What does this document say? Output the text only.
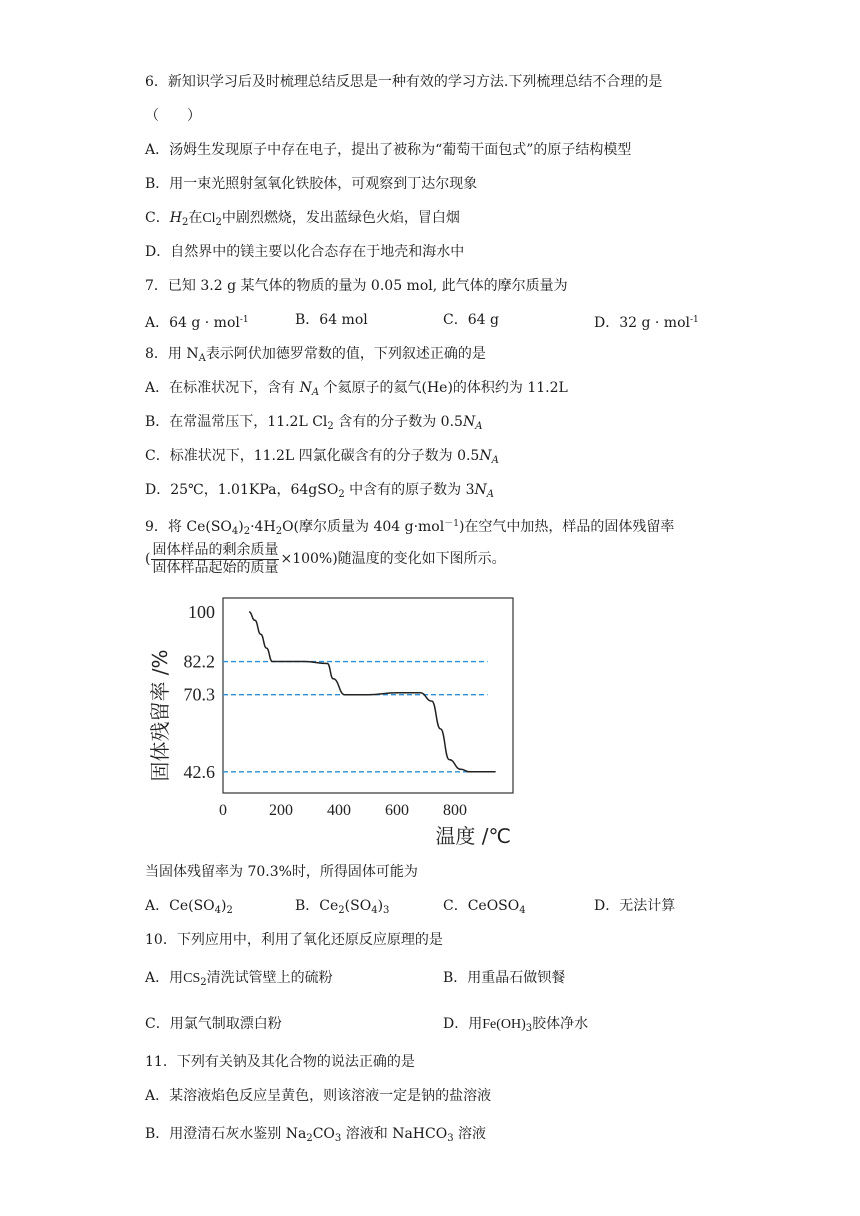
6．新知识学习后及时梳理总结反思是一种有效的学习方法.下列梳理总结不合理的是
（　　）
A．汤姆生发现原子中存在电子，提出了被称为“葡萄干面包式”的原子结构模型
B．用一束光照射氢氧化铁胶体，可观察到丁达尔现象
C．$H_2$在$Cl_2$中剧烈燃烧，发出蓝绿色火焰，冒白烟
D．自然界中的镁主要以化合态存在于地壳和海水中
7．已知 3.2 g 某气体的物质的量为 0.05 mol, 此气体的摩尔质量为
A．64 g · mol$^{-1}$	B．64 mol	C．64 g	D．32 g · mol$^{-1}$
8．用 $N_A$表示阿伏加德罗常数的值，下列叙述正确的是
A．在标准状况下，含有 $N_A$ 个氦原子的氦气(He)的体积约为 11.2L
B．在常温常压下，11.2L $Cl_2$ 含有的分子数为 $0.5N_A$
C．标准状况下，11.2L 四氯化碳含有的分子数为 $0.5N_A$
D．25℃，1.01KPa，64gSO$_2$ 中含有的原子数为 $3N_A$
9．将 $Ce(SO_4)_2\cdot 4H_2O$(摩尔质量为 404 g·mol$^{-1}$)在空气中加热，样品的固体残留率
( $\frac{\text{固体样品的剩余质量}}{\text{固体样品起始的质量}} \times 100\%$)随温度的变化如下图所示。
100
82.2
70.3
42.6
0	200 400 600 800
固体残留率 /%
温度 /℃
当固体残留率为 70.3%时，所得固体可能为
A．$Ce(SO_4)_2$	B．$Ce_2(SO_4)_3$	C．CeOSO$_4$	D．无法计算
10．下列应用中，利用了氧化还原反应原理的是
A．用$CS_2$清洗试管壁上的硫粉	B．用重晶石做钡餐
C．用氯气制取漂白粉	D．用$Fe(OH)_3$胶体净水
11．下列有关钠及其化合物的说法正确的是
A．某溶液焰色反应呈黄色，则该溶液一定是钠的盐溶液
B．用澄清石灰水鉴别 $Na_2CO_3$ 溶液和 NaHCO$_3$ 溶液
